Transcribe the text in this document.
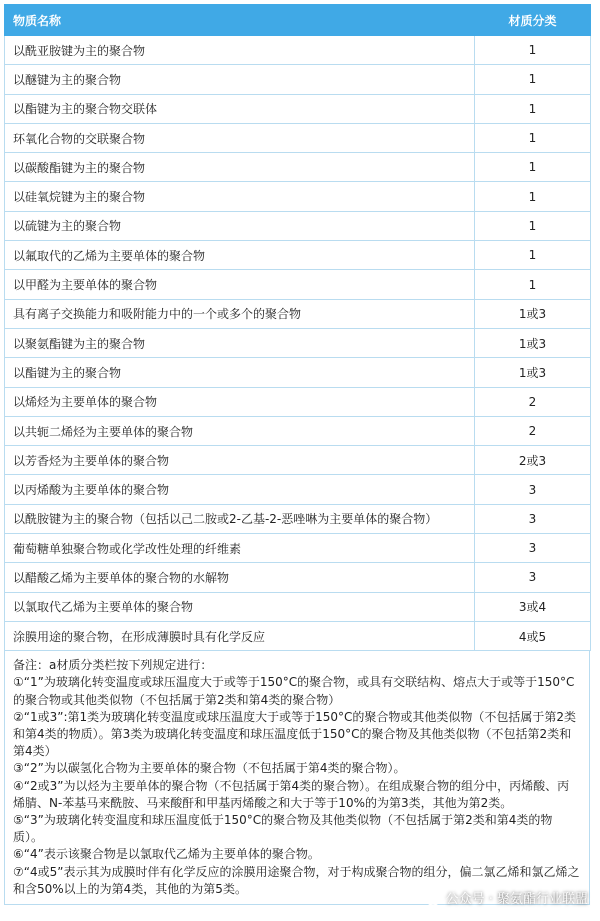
物质名称	材质分类
以酰亚胺键为主的聚合物	1
以醚键为主的聚合物	1
以酯键为主的聚合物交联体	1
环氧化合物的交联聚合物	1
以碳酸酯键为主的聚合物	1
以硅氧烷键为主的聚合物	1
以硫键为主的聚合物	1
以氟取代的乙烯为主要单体的聚合物	1
以甲醛为主要单体的聚合物	1
具有离子交换能力和吸附能力中的一个或多个的聚合物	1或3
以聚氨酯键为主的聚合物	1或3
以酯键为主的聚合物	1或3
以烯烃为主要单体的聚合物	2
以共轭二烯烃为主要单体的聚合物	2
以芳香烃为主要单体的聚合物	2或3
以丙烯酸为主要单体的聚合物	3
以酰胺键为主的聚合物（包括以己二胺或2-乙基-2-恶唑啉为主要单体的聚合物）	3
葡萄糖单独聚合物或化学改性处理的纤维素	3
以醋酸乙烯为主要单体的聚合物的水解物	3
以氯取代乙烯为主要单体的聚合物	3或4
涂膜用途的聚合物，在形成薄膜时具有化学反应	4或5

备注：a材质分类栏按下列规定进行：

①“1”为玻璃化转变温度或球压温度大于或等于150°C的聚合物，或具有交联结构、熔点大于或等于150°C的聚合物或其他类似物（不包括属于第2类和第4类的聚合物）

②“1或3”:第1类为玻璃化转变温度或球压温度大于或等于150°C的聚合物或其他类似物（不包括属于第2类和第4类的物质）。第3类为玻璃化转变温度和球压温度低于150°C的聚合物及其他类似物（不包括第2类和第4类）

③“2”为以碳氢化合物为主要单体的聚合物（不包括属于第4类的聚合物）。

④“2或3”为以烃为主要单体的聚合物（不包括属于第4类的聚合物）。在组成聚合物的组分中，丙烯酸、丙烯腈、N-苯基马来酰胺、马来酸酐和甲基丙烯酸之和大于等于10%的为第3类，其他为第2类。

⑤“3”为玻璃化转变温度和球压温度低于150°C的聚合物及其他类似物（不包括属于第2类和第4类的物质）。

⑥“4”表示该聚合物是以氯取代乙烯为主要单体的聚合物。

⑦“4或5”表示其为成膜时伴有化学反应的涂膜用途聚合物，对于构成聚合物的组分，偏二氯乙烯和氯乙烯之和含50%以上的为第4类，其他的为第5类。

公众号 · 聚氨酯行业联盟
